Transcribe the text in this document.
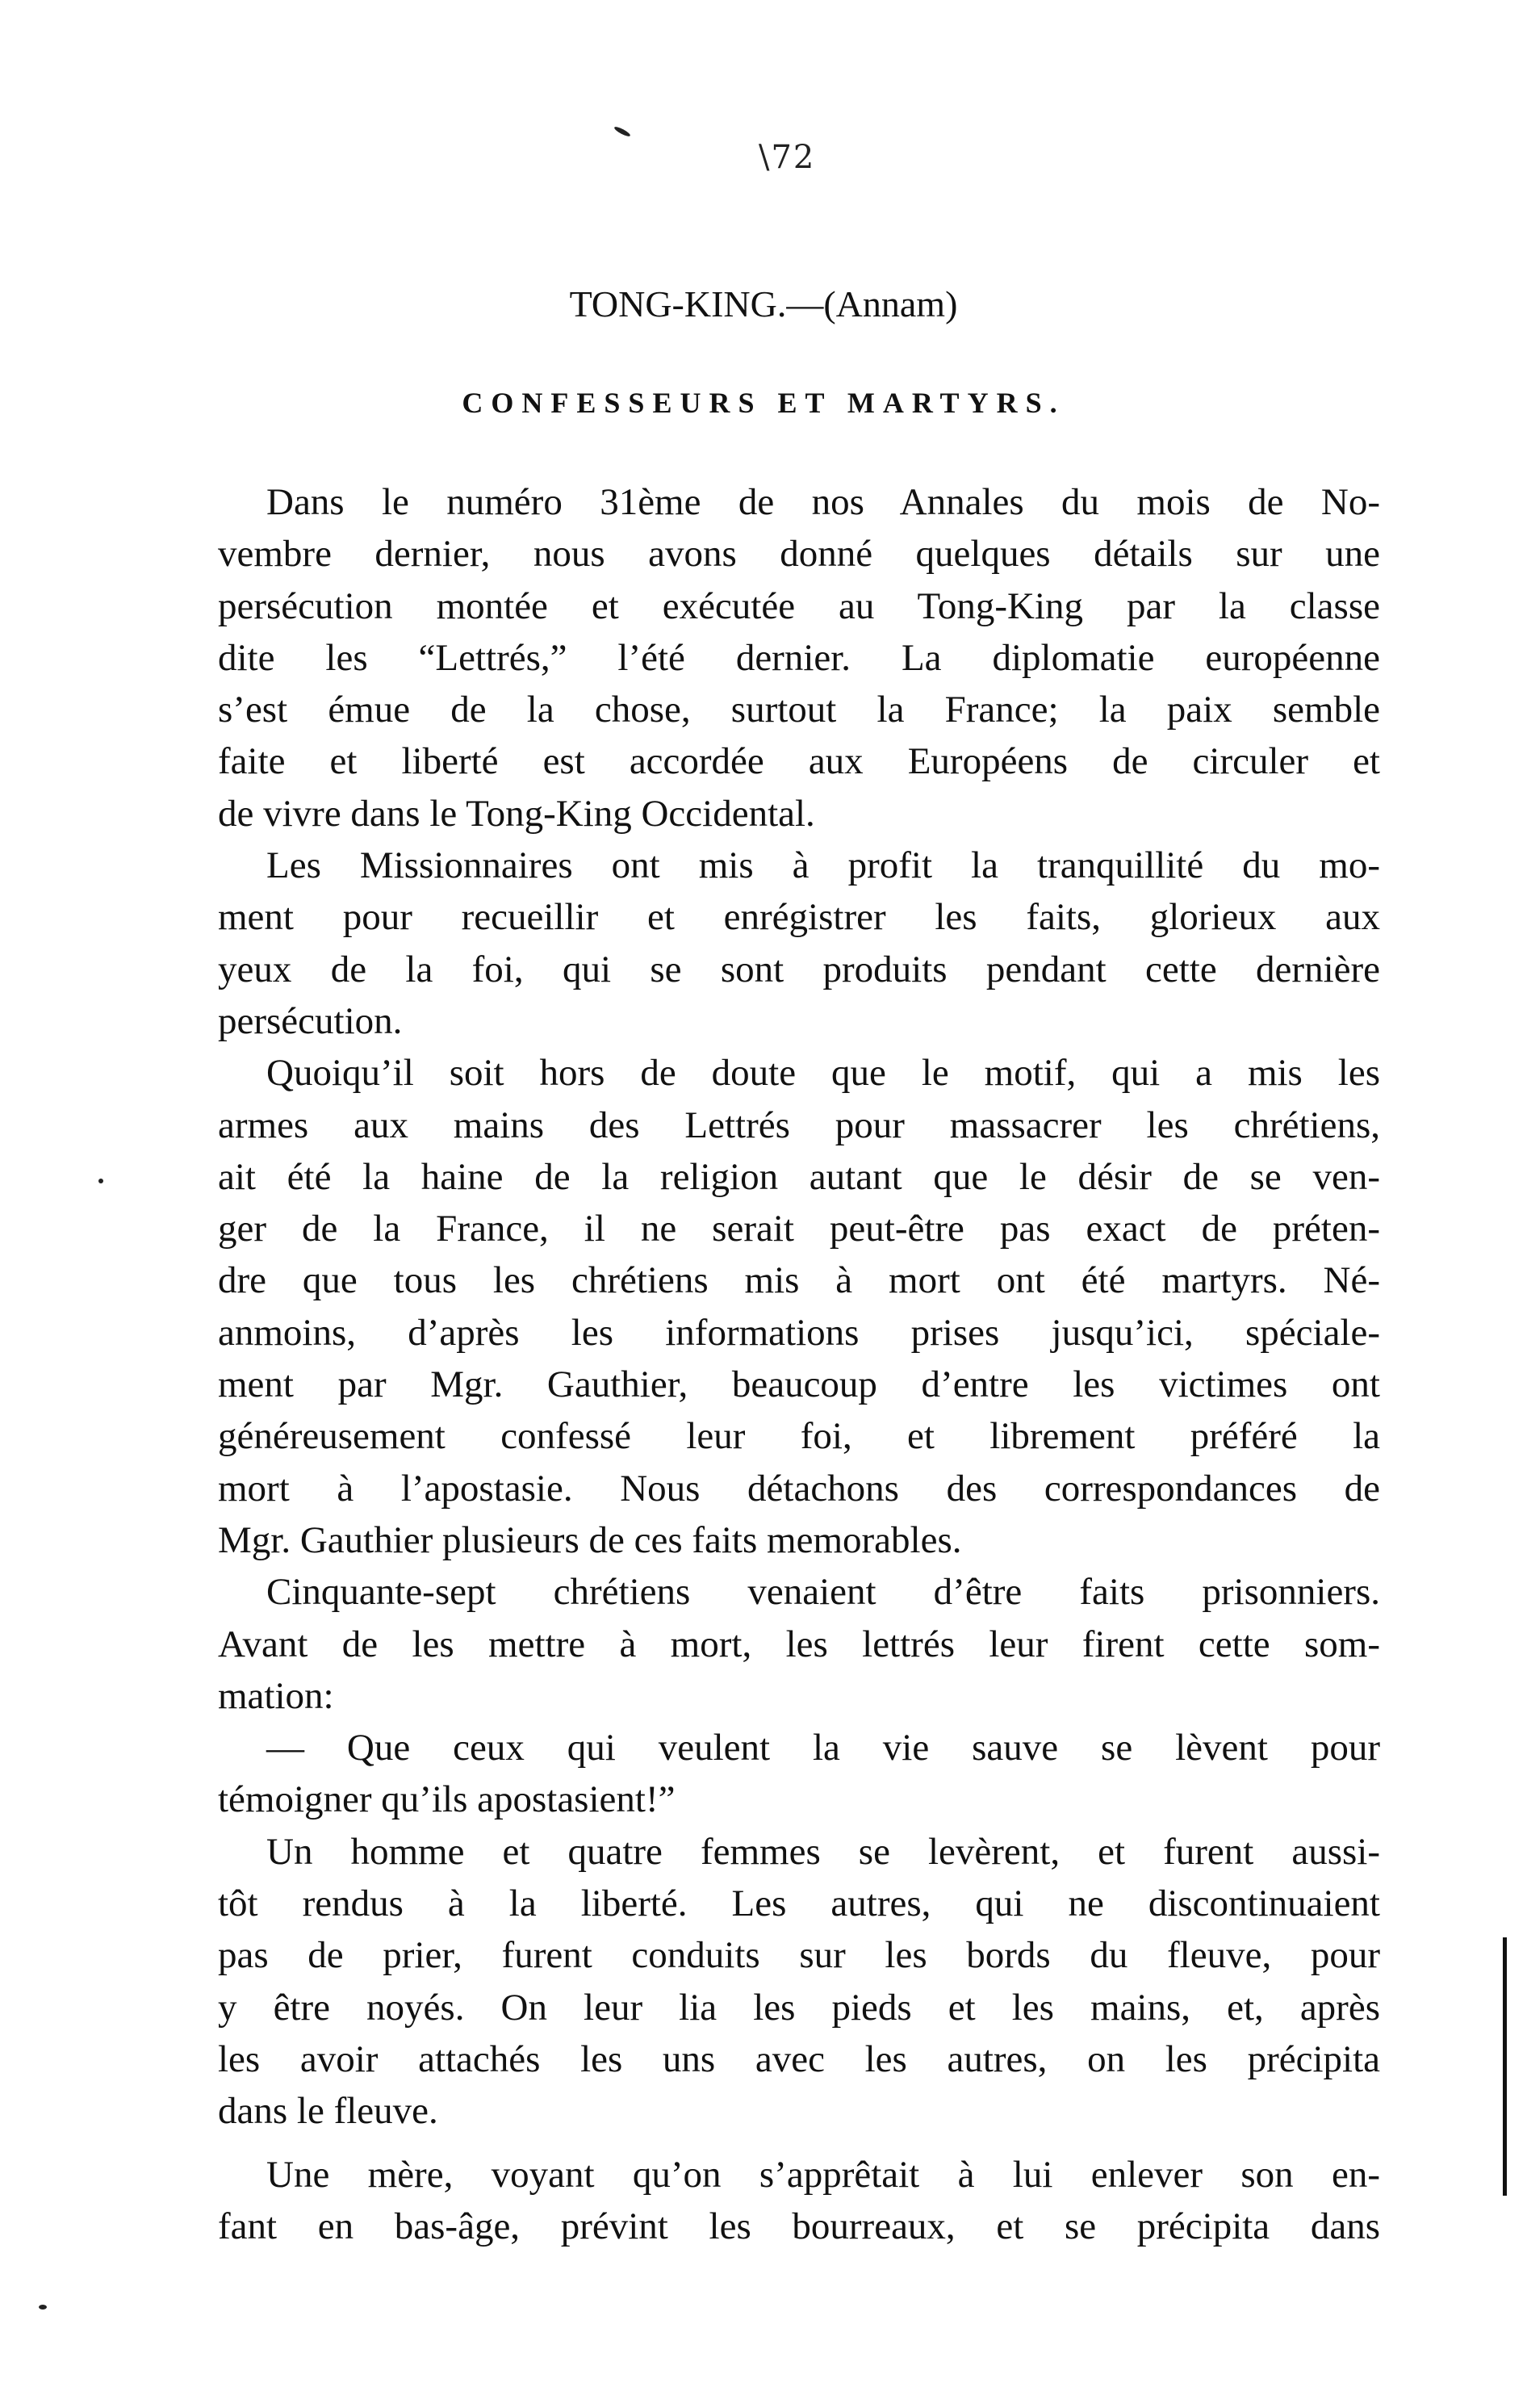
\72
TONG-KING.—(Annam)
CONFESSEURS ET MARTYRS.
Dans le numéro 31ème de nos Annales du mois de No-
vembre dernier, nous avons donné quelques détails sur une
persécution montée et exécutée au Tong-King par la classe
dite les “Lettrés,” l’été dernier. La diplomatie européenne
s’est émue de la chose, surtout la France; la paix semble
faite et liberté est accordée aux Européens de circuler et
de vivre dans le Tong-King Occidental.
Les Missionnaires ont mis à profit la tranquillité du mo-
ment pour recueillir et enrégistrer les faits, glorieux aux
yeux de la foi, qui se sont produits pendant cette dernière
persécution.
Quoiqu’il soit hors de doute que le motif, qui a mis les
armes aux mains des Lettrés pour massacrer les chrétiens,
ait été la haine de la religion autant que le désir de se ven-
ger de la France, il ne serait peut-être pas exact de préten-
dre que tous les chrétiens mis à mort ont été martyrs. Né-
anmoins, d’après les informations prises jusqu’ici, spéciale-
ment par Mgr. Gauthier, beaucoup d’entre les victimes ont
généreusement confessé leur foi, et librement préféré la
mort à l’apostasie. Nous détachons des correspondances de
Mgr. Gauthier plusieurs de ces faits memorables.
Cinquante-sept chrétiens venaient d’être faits prisonniers.
Avant de les mettre à mort, les lettrés leur firent cette som-
mation:
— Que ceux qui veulent la vie sauve se lèvent pour
témoigner qu’ils apostasient!”
Un homme et quatre femmes se levèrent, et furent aussi-
tôt rendus à la liberté. Les autres, qui ne discontinuaient
pas de prier, furent conduits sur les bords du fleuve, pour
y être noyés. On leur lia les pieds et les mains, et, après
les avoir attachés les uns avec les autres, on les précipita
dans le fleuve.
Une mère, voyant qu’on s’apprêtait à lui enlever son en-
fant en bas-âge, prévint les bourreaux, et se précipita dans
